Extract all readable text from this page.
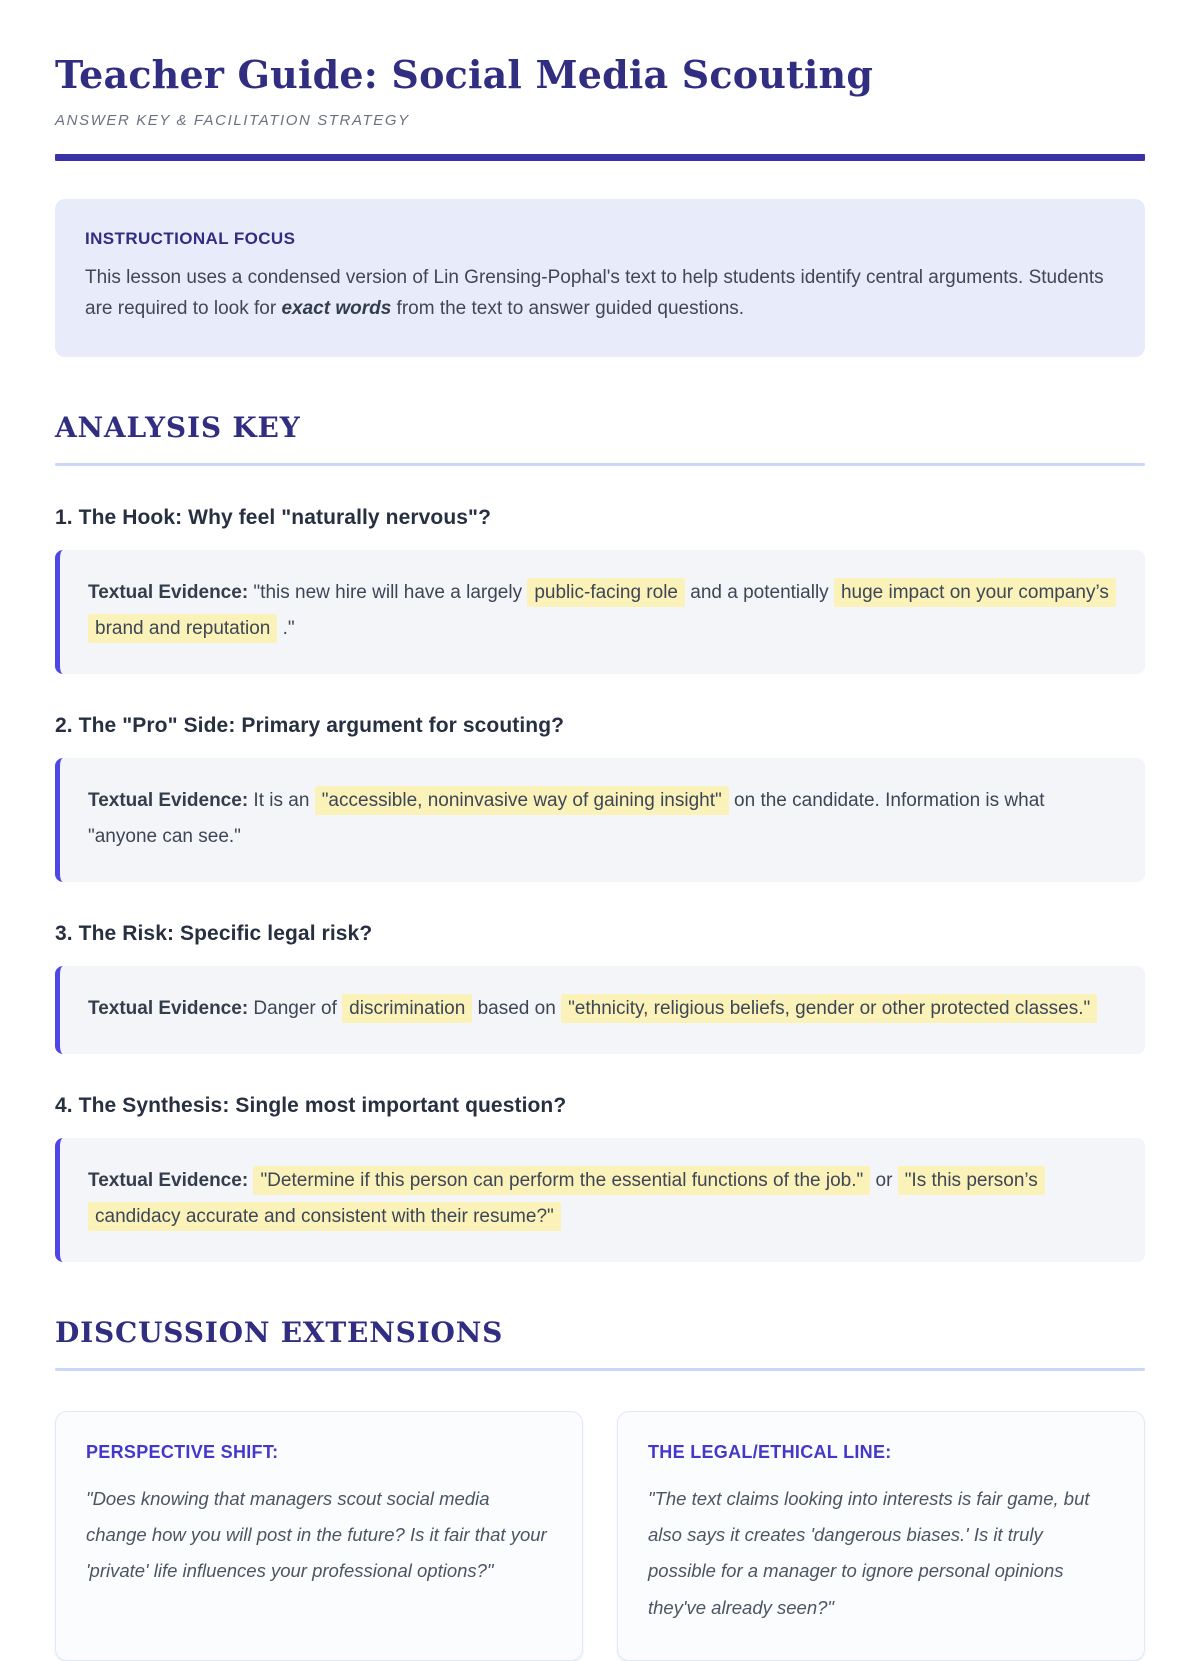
Teacher Guide: Social Media Scouting
ANSWER KEY & FACILITATION STRATEGY
INSTRUCTIONAL FOCUS

This lesson uses a condensed version of Lin Grensing-Pophal's text to help students identify central arguments. Students are required to look for exact words from the text to answer guided questions.

ANALYSIS KEY
1. The Hook: Why feel "naturally nervous"?

Textual Evidence: "this new hire will have a largely public-facing role and a potentially huge impact on your company’s brand and reputation ."

2. The "Pro" Side: Primary argument for scouting?

Textual Evidence: It is an "accessible, noninvasive way of gaining insight" on the candidate. Information is what "anyone can see."

3. The Risk: Specific legal risk?

Textual Evidence: Danger of discrimination based on "ethnicity, religious beliefs, gender or other protected classes."

4. The Synthesis: Single most important question?

Textual Evidence: "Determine if this person can perform the essential functions of the job." or "Is this person’s candidacy accurate and consistent with their resume?"

DISCUSSION EXTENSIONS
PERSPECTIVE SHIFT:

"Does knowing that managers scout social media change how you will post in the future? Is it fair that your 'private' life influences your professional options?"

THE LEGAL/ETHICAL LINE:

"The text claims looking into interests is fair game, but also says it creates 'dangerous biases.' Is it truly possible for a manager to ignore personal opinions they've already seen?"
